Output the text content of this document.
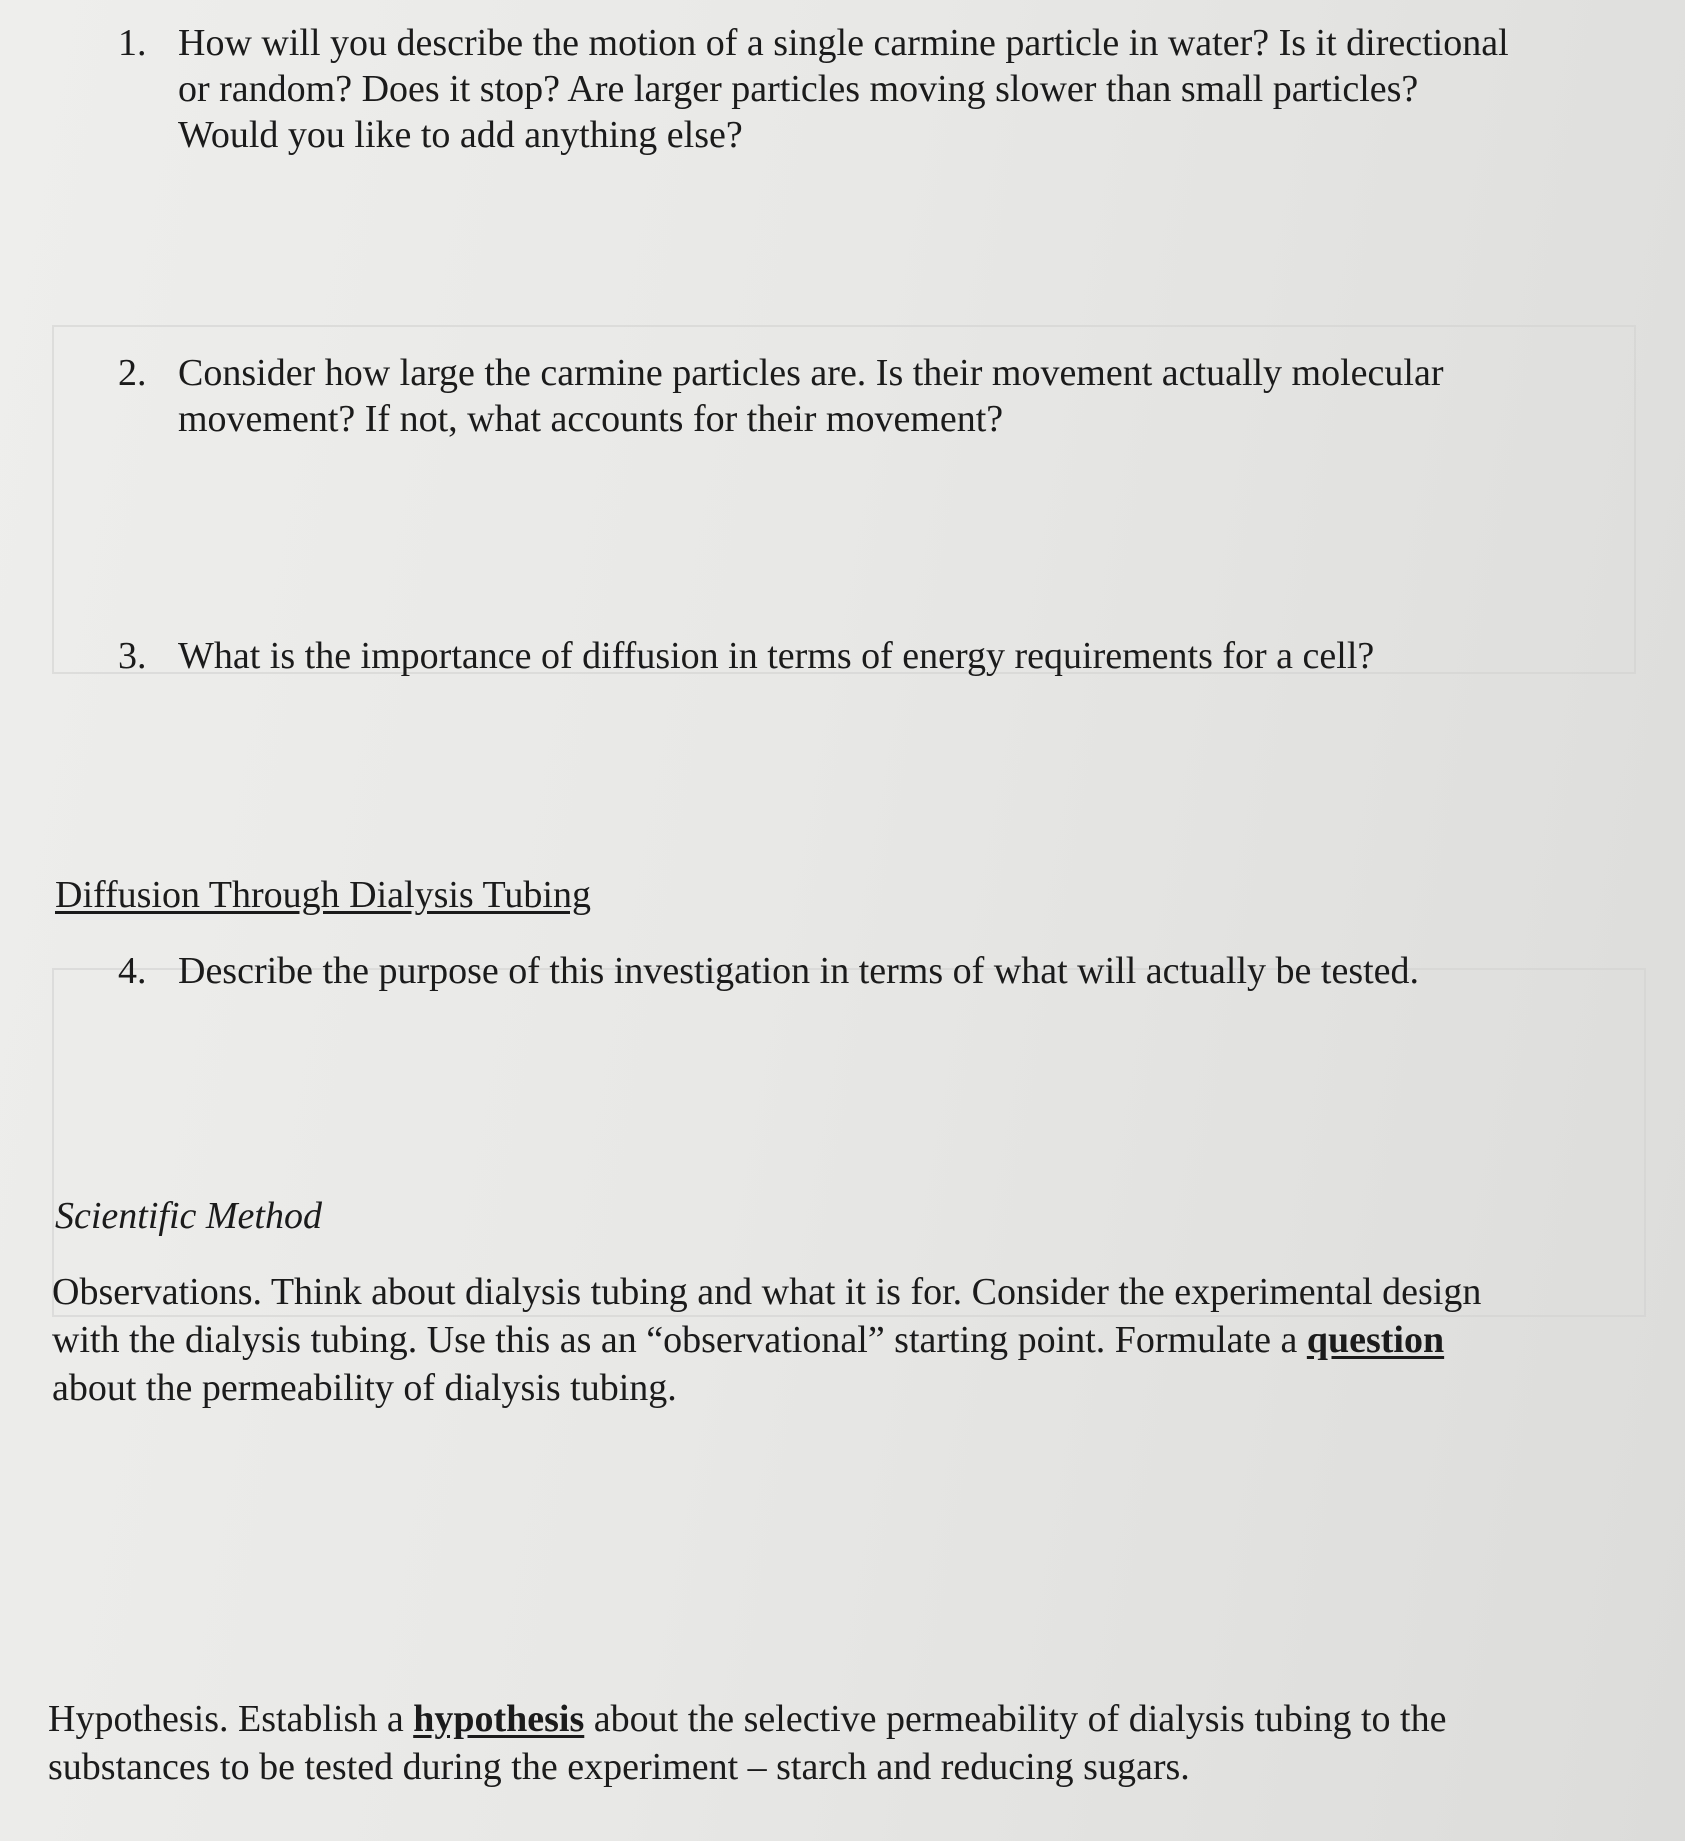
1. How will you describe the motion of a single carmine particle in water? Is it directional
or random? Does it stop? Are larger particles moving slower than small particles?
Would you like to add anything else?
2. Consider how large the carmine particles are. Is their movement actually molecular
movement? If not, what accounts for their movement?
3. What is the importance of diffusion in terms of energy requirements for a cell?
Diffusion Through Dialysis Tubing
4. Describe the purpose of this investigation in terms of what will actually be tested.
Scientific Method
Observations. Think about dialysis tubing and what it is for. Consider the experimental design
with the dialysis tubing. Use this as an “observational” starting point. Formulate a question
about the permeability of dialysis tubing.
Hypothesis. Establish a hypothesis about the selective permeability of dialysis tubing to the
substances to be tested during the experiment – starch and reducing sugars.
